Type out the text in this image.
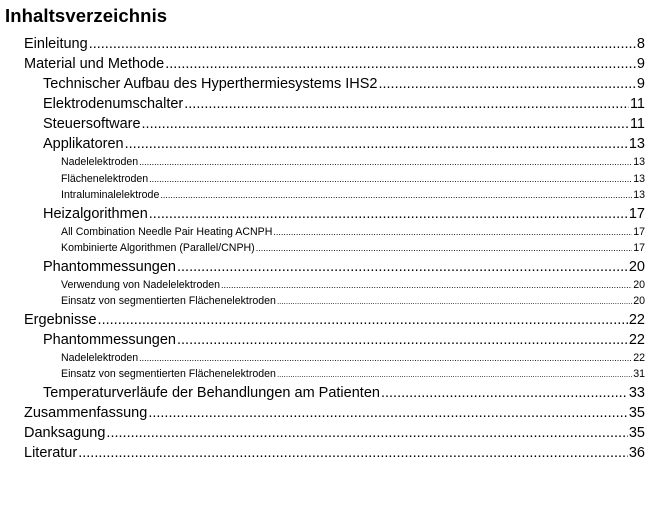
Inhaltsverzeichnis
Einleitung .....	8
Material und Methode .....	9
Technischer Aufbau des Hyperthermiesystems IHS2 .....	9
Elektrodenumschalter .....	11
Steuersoftware .....	11
Applikatoren .....	13
Nadelelektroden .....	13
Flächenelektroden .....	13
Intraluminalelektrode .....	13
Heizalgorithmen .....	17
All Combination Needle Pair Heating ACNPH .....	17
Kombinierte Algorithmen (Parallel/CNPH) .....	17
Phantommessungen .....	20
Verwendung von Nadelelektroden .....	20
Einsatz von segmentierten Flächenelektroden .....	20
Ergebnisse .....	22
Phantommessungen .....	22
Nadelelektroden .....	22
Einsatz von segmentierten Flächenelektroden .....	31
Temperaturverläufe der Behandlungen am Patienten .....	33
Zusammenfassung .....	35
Danksagung .....	35
Literatur .....	36
